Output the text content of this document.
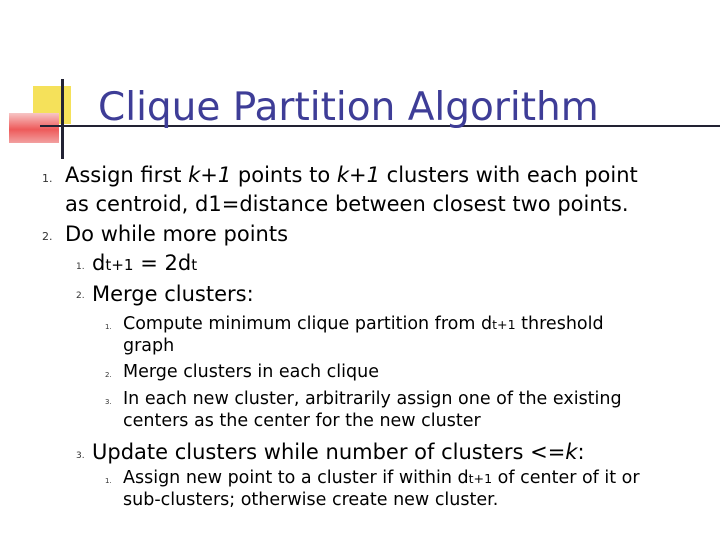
Clique Partition Algorithm
1. Assign first k+1 points to k+1 clusters with each point
as centroid, d1=distance between closest two points.
2. Do while more points
1. dt+1 = 2dt
2. Merge clusters:
1. Compute minimum clique partition from dt+1 threshold
graph
2. Merge clusters in each clique
3. In each new cluster, arbitrarily assign one of the existing
centers as the center for the new cluster
3. Update clusters while number of clusters <=k:
1. Assign new point to a cluster if within dt+1 of center of it or
sub-clusters; otherwise create new cluster.
